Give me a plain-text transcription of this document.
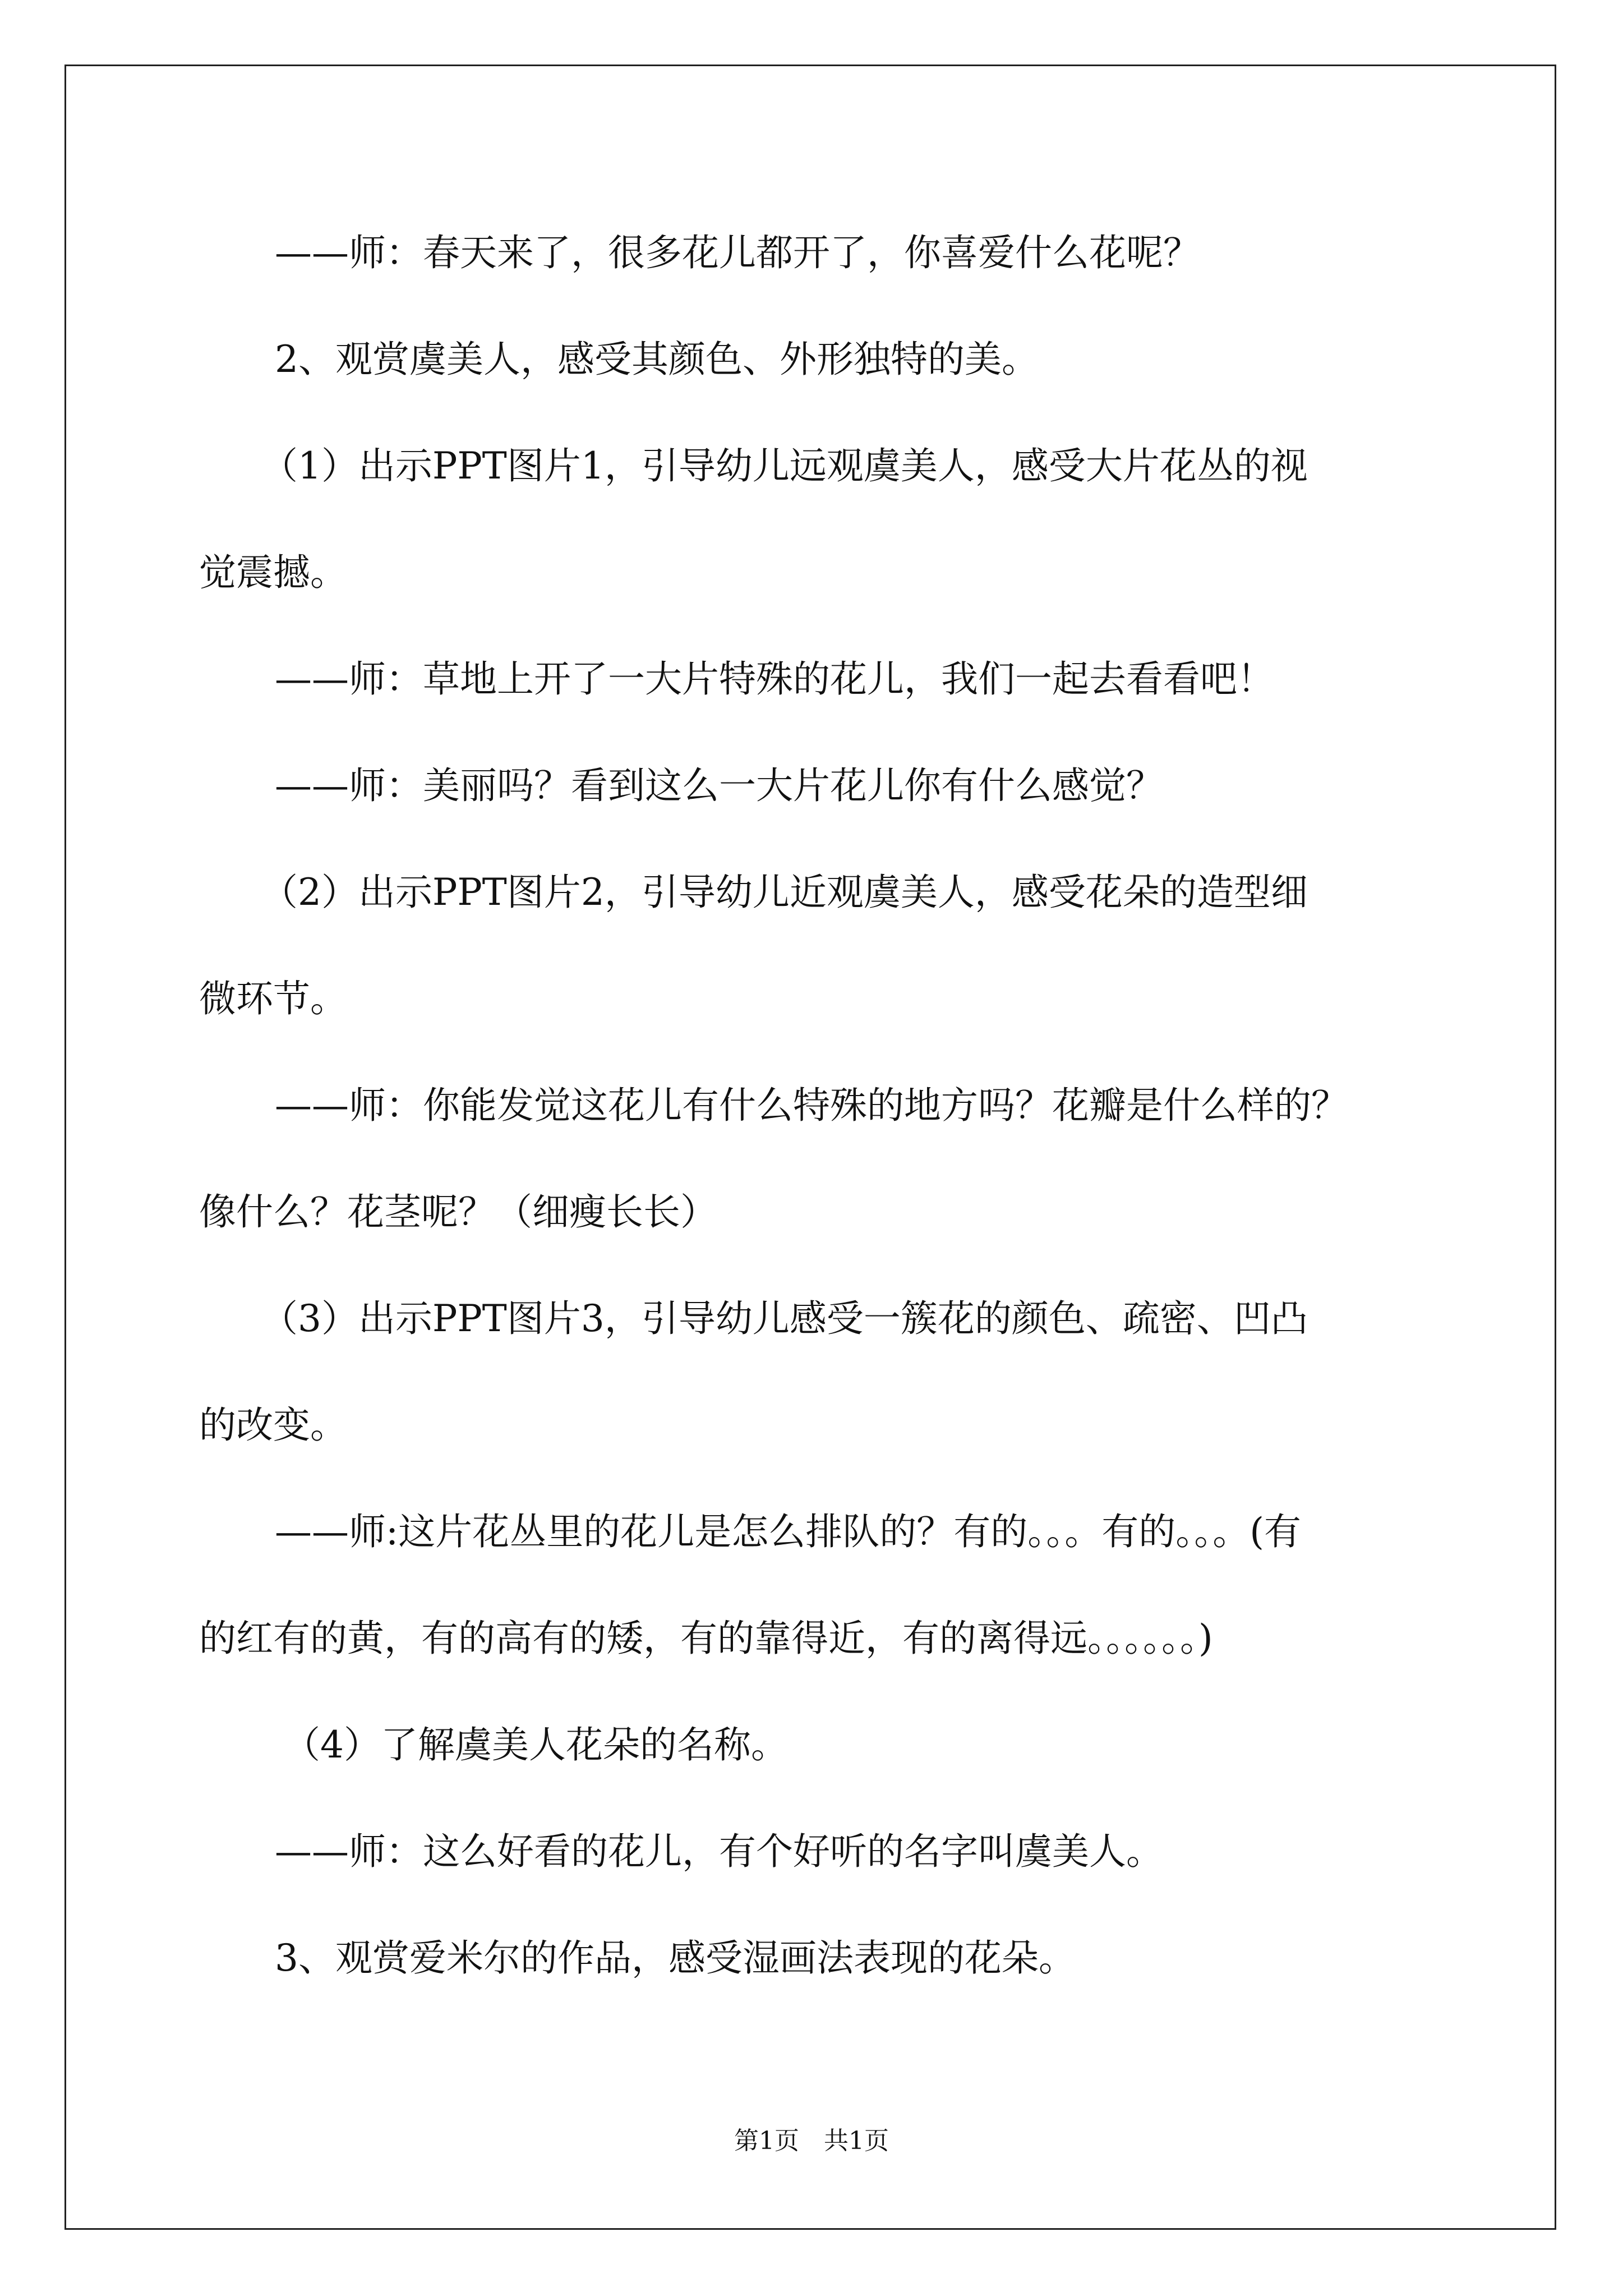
——师：春天来了，很多花儿都开了，你喜爱什么花呢？
2、观赏虞美人，感受其颜色、外形独特的美。
（1）出示PPT图片1，引导幼儿远观虞美人，感受大片花丛的视
觉震撼。
——师：草地上开了一大片特殊的花儿，我们一起去看看吧！
——师：美丽吗？看到这么一大片花儿你有什么感觉？
（2）出示PPT图片2，引导幼儿近观虞美人，感受花朵的造型细
微环节。
——师：你能发觉这花儿有什么特殊的地方吗？花瓣是什么样的？
像什么？花茎呢？（细瘦长长）
（3）出示PPT图片3，引导幼儿感受一簇花的颜色、疏密、凹凸
的改变。
——师:这片花丛里的花儿是怎么排队的？有的。。。有的。。。(有
的红有的黄，有的高有的矮，有的靠得近，有的离得远。。。。。。)
（4）了解虞美人花朵的名称。
——师：这么好看的花儿，有个好听的名字叫虞美人。
3、观赏爱米尔的作品，感受湿画法表现的花朵。
第1页　共1页
